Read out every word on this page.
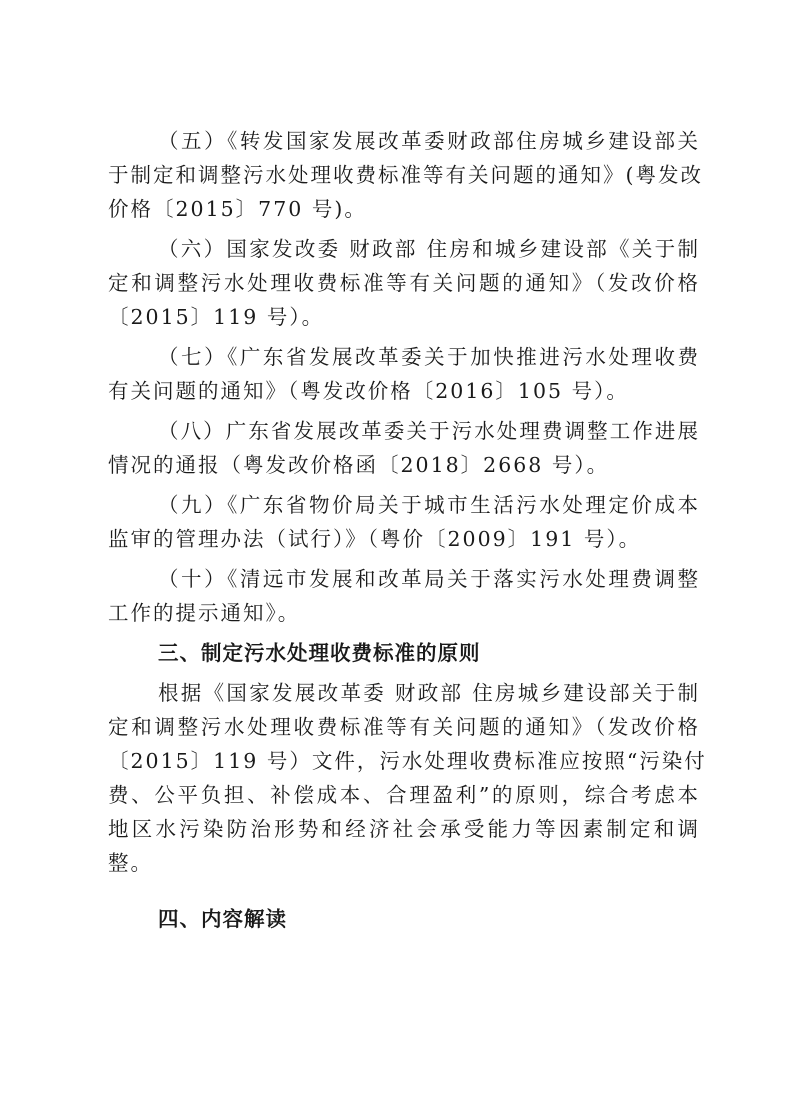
（五）《转发国家发展改革委财政部住房城乡建设部关
于制定和调整污水处理收费标准等有关问题的通知》(粤发改
价格〔2015〕770 号)。

（六）国家发改委 财政部 住房和城乡建设部《关于制
定和调整污水处理收费标准等有关问题的通知》（发改价格
〔2015〕119 号）。

（七）《广东省发展改革委关于加快推进污水处理收费
有关问题的通知》（粤发改价格〔2016〕105 号）。

（八）广东省发展改革委关于污水处理费调整工作进展
情况的通报（粤发改价格函〔2018〕2668 号）。

（九）《广东省物价局关于城市生活污水处理定价成本
监审的管理办法（试行）》（粤价〔2009〕191 号）。

（十）《清远市发展和改革局关于落实污水处理费调整
工作的提示通知》。

三、制定污水处理收费标准的原则

根据《国家发展改革委 财政部 住房城乡建设部关于制
定和调整污水处理收费标准等有关问题的通知》（发改价格
〔2015〕119 号）文件，污水处理收费标准应按照“污染付
费、公平负担、补偿成本、合理盈利”的原则，综合考虑本
地区水污染防治形势和经济社会承受能力等因素制定和调
整。

四、内容解读
